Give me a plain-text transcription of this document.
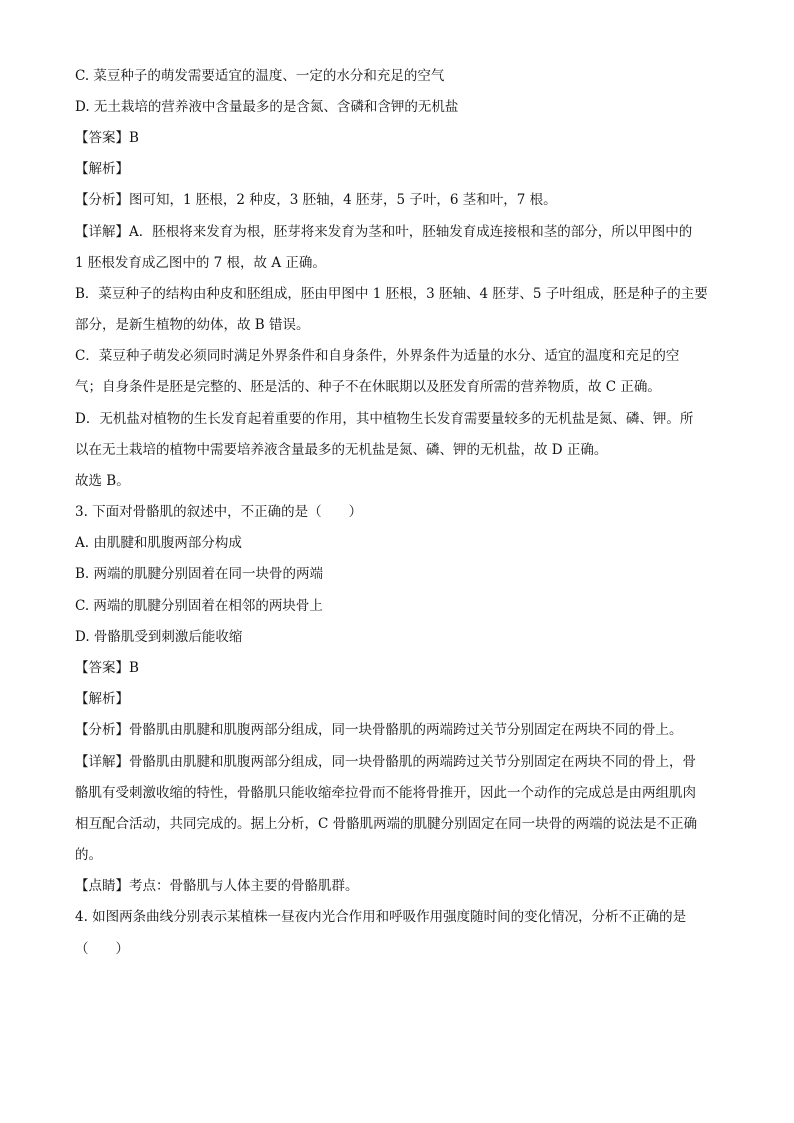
C. 菜豆种子的萌发需要适宜的温度、一定的水分和充足的空气
D. 无土栽培的营养液中含量最多的是含氮、含磷和含钾的无机盐
【答案】B
【解析】
【分析】图可知，1 胚根，2 种皮，3 胚轴，4 胚芽，5 子叶，6 茎和叶，7 根。
【详解】A．胚根将来发育为根，胚芽将来发育为茎和叶，胚轴发育成连接根和茎的部分，所以甲图中的
1 胚根发育成乙图中的 7 根，故 A 正确。
B．菜豆种子的结构由种皮和胚组成，胚由甲图中 1 胚根，3 胚轴、4 胚芽、5 子叶组成，胚是种子的主要
部分，是新生植物的幼体，故 B 错误。
C．菜豆种子萌发必须同时满足外界条件和自身条件，外界条件为适量的水分、适宜的温度和充足的空
气；自身条件是胚是完整的、胚是活的、种子不在休眠期以及胚发育所需的营养物质，故 C 正确。
D．无机盐对植物的生长发育起着重要的作用，其中植物生长发育需要量较多的无机盐是氮、磷、钾。所
以在无土栽培的植物中需要培养液含量最多的无机盐是氮、磷、钾的无机盐，故 D 正确。
故选 B。
3. 下面对骨骼肌的叙述中，不正确的是（　　）
A. 由肌腱和肌腹两部分构成
B. 两端的肌腱分别固着在同一块骨的两端
C. 两端的肌腱分别固着在相邻的两块骨上
D. 骨骼肌受到刺激后能收缩
【答案】B
【解析】
【分析】骨骼肌由肌腱和肌腹两部分组成，同一块骨骼肌的两端跨过关节分别固定在两块不同的骨上。
【详解】骨骼肌由肌腱和肌腹两部分组成，同一块骨骼肌的两端跨过关节分别固定在两块不同的骨上，骨
骼肌有受刺激收缩的特性，骨骼肌只能收缩牵拉骨而不能将骨推开，因此一个动作的完成总是由两组肌肉
相互配合活动，共同完成的。据上分析，C 骨骼肌两端的肌腱分别固定在同一块骨的两端的说法是不正确
的。
【点睛】考点：骨骼肌与人体主要的骨骼肌群。
4. 如图两条曲线分别表示某植株一昼夜内光合作用和呼吸作用强度随时间的变化情况，分析不正确的是
（　　）
